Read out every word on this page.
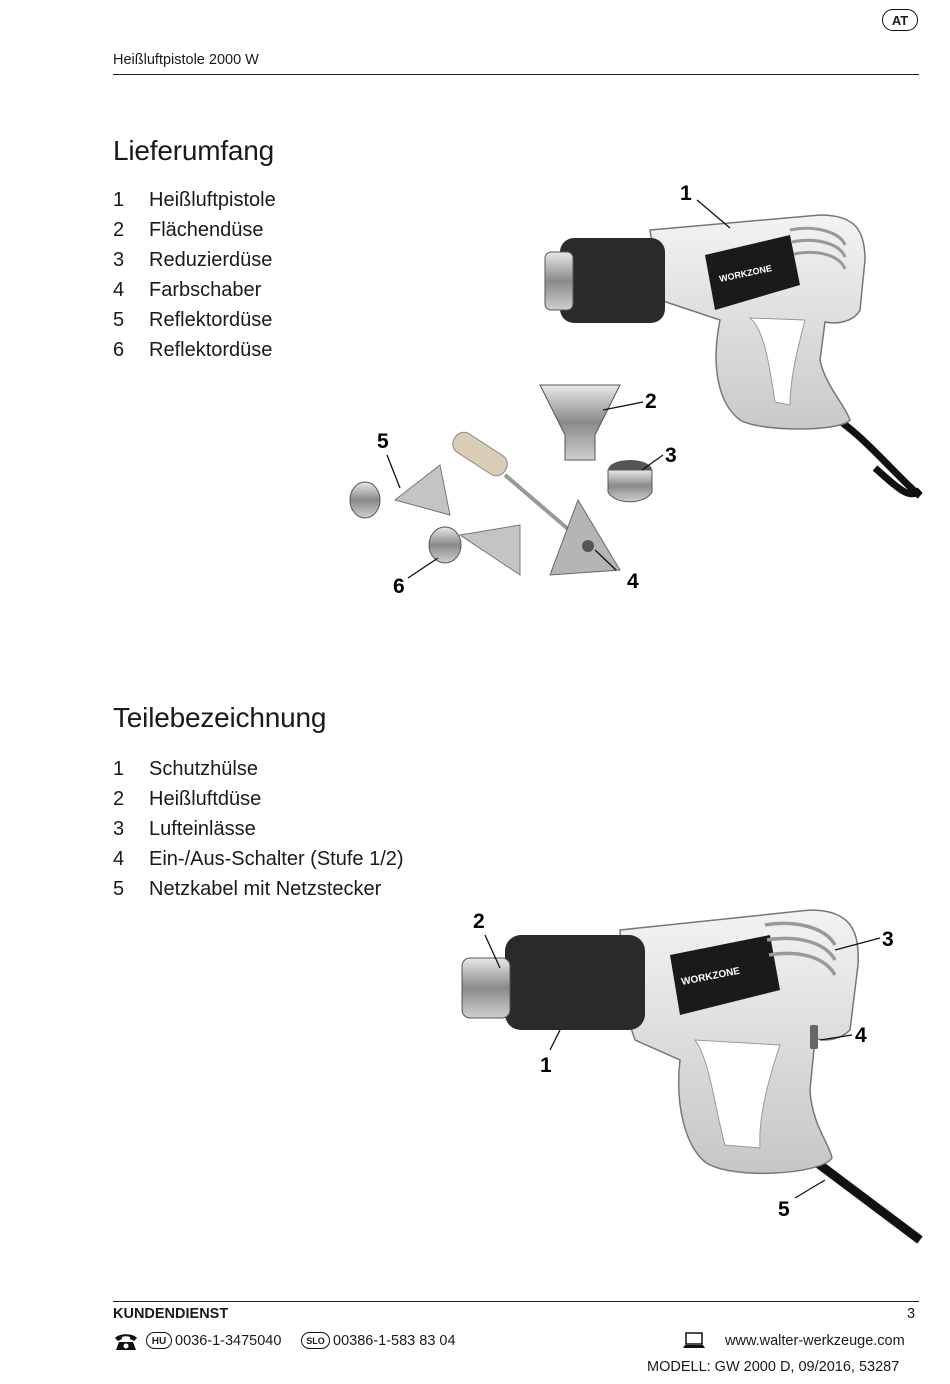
AT
Heißluftpistole 2000 W
Lieferumfang
1	Heißluftpistole
2	Flächendüse
3	Reduzierdüse
4	Farbschaber
5	Reflektordüse
6	Reflektordüse
WORKZONE
1
2
3
4
5
6
Teilebezeichnung
1	Schutzhülse
2	Heißluftdüse
3	Lufteinlässe
4	Ein-/Aus-Schalter (Stufe 1/2)
5	Netzkabel mit Netzstecker
WORKZONE
2
1
3
4
5
KUNDENDIENST	3
HU 0036-1-3475040	SLO 00386-1-583 83 04	www.walter-werkzeuge.com
MODELL: GW 2000 D, 09/2016, 53287
